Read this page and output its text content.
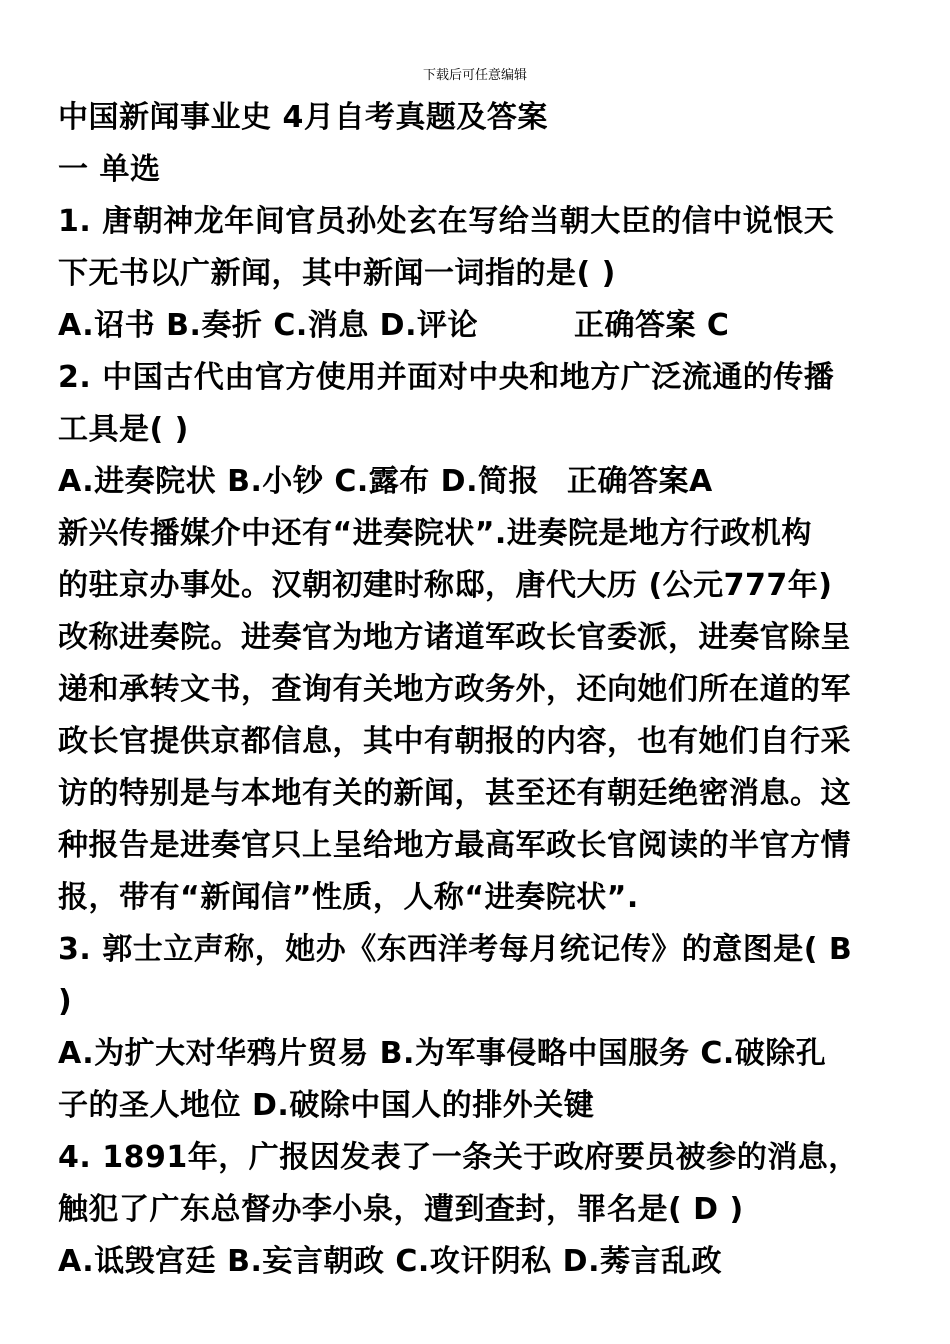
下载后可任意编辑
中国新闻事业史 4月自考真题及答案
一 单选
1. 唐朝神龙年间官员孙处玄在写给当朝大臣的信中说恨天
下无书以广新闻，其中新闻一词指的是( )
A.诏书 B.奏折 C.消息 D.评论	正确答案 C
2. 中国古代由官方使用并面对中央和地方广泛流通的传播
工具是( )
A.进奏院状 B.小钞 C.露布 D.简报 正确答案A
新兴传播媒介中还有“进奏院状”.进奏院是地方行政机构
的驻京办事处。汉朝初建时称邸，唐代大历 (公元777年)
改称进奏院。进奏官为地方诸道军政长官委派，进奏官除呈
递和承转文书，查询有关地方政务外，还向她们所在道的军
政长官提供京都信息，其中有朝报的内容，也有她们自行采
访的特别是与本地有关的新闻，甚至还有朝廷绝密消息。这
种报告是进奏官只上呈给地方最高军政长官阅读的半官方情
报，带有“新闻信”性质，人称“进奏院状”.
3. 郭士立声称，她办《东西洋考每月统记传》的意图是( B
)
A.为扩大对华鸦片贸易 B.为军事侵略中国服务 C.破除孔
子的圣人地位 D.破除中国人的排外关键
4. 1891年，广报因发表了一条关于政府要员被参的消息，
触犯了广东总督办李小泉，遭到查封，罪名是( D )
A.诋毁宫廷 B.妄言朝政 C.攻讦阴私 D.莠言乱政
